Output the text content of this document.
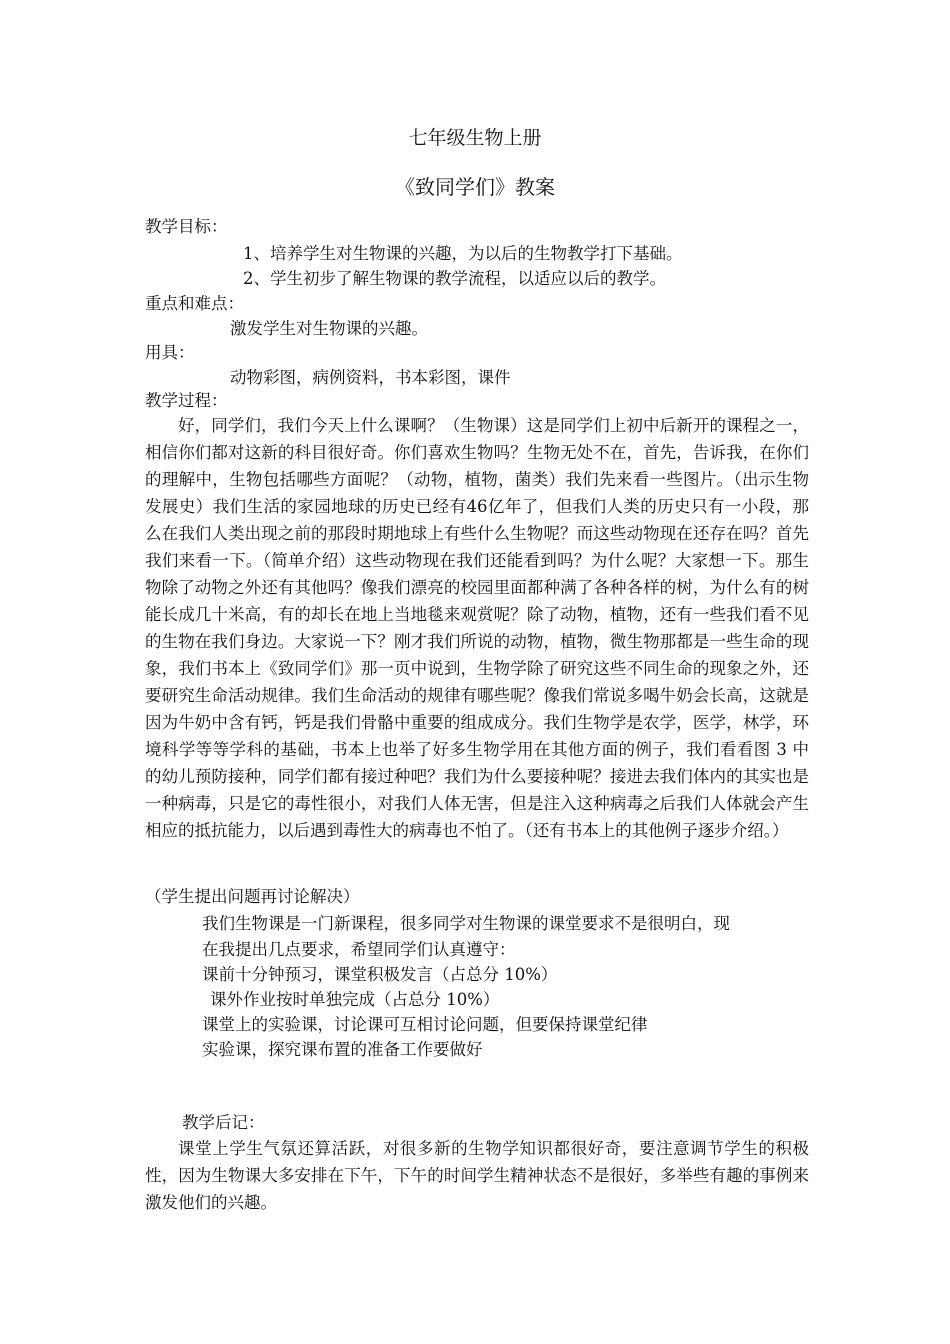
七年级生物上册
《致同学们》教案
教学目标：
1、培养学生对生物课的兴趣，为以后的生物教学打下基础。
2、学生初步了解生物课的教学流程，以适应以后的教学。
重点和难点：
激发学生对生物课的兴趣。
用具：
动物彩图，病例资料，书本彩图，课件
教学过程：
好，同学们，我们今天上什么课啊？（生物课）这是同学们上初中后新开的课程之一，相信你们都对这新的科目很好奇。你们喜欢生物吗？生物无处不在，首先，告诉我，在你们的理解中，生物包括哪些方面呢？（动物，植物，菌类）我们先来看一些图片。（出示生物发展史）我们生活的家园地球的历史已经有46亿年了，但我们人类的历史只有一小段，那么在我们人类出现之前的那段时期地球上有些什么生物呢？而这些动物现在还存在吗？首先我们来看一下。（简单介绍）这些动物现在我们还能看到吗？为什么呢？大家想一下。那生物除了动物之外还有其他吗？像我们漂亮的校园里面都种满了各种各样的树，为什么有的树能长成几十米高，有的却长在地上当地毯来观赏呢？除了动物，植物，还有一些我们看不见的生物在我们身边。大家说一下？刚才我们所说的动物，植物，微生物那都是一些生命的现象，我们书本上《致同学们》那一页中说到，生物学除了研究这些不同生命的现象之外，还要研究生命活动规律。我们生命活动的规律有哪些呢？像我们常说多喝牛奶会长高，这就是因为牛奶中含有钙，钙是我们骨骼中重要的组成成分。我们生物学是农学，医学，林学，环境科学等等学科的基础，书本上也举了好多生物学用在其他方面的例子，我们看看图 3 中的幼儿预防接种，同学们都有接过种吧？我们为什么要接种呢？接进去我们体内的其实也是一种病毒，只是它的毒性很小，对我们人体无害，但是注入这种病毒之后我们人体就会产生相应的抵抗能力，以后遇到毒性大的病毒也不怕了。（还有书本上的其他例子逐步介绍。）
（学生提出问题再讨论解决）
我们生物课是一门新课程，很多同学对生物课的课堂要求不是很明白，现
在我提出几点要求，希望同学们认真遵守：
课前十分钟预习，课堂积极发言（占总分 10%）
课外作业按时单独完成（占总分 10%）
课堂上的实验课，讨论课可互相讨论问题，但要保持课堂纪律
实验课，探究课布置的准备工作要做好
教学后记：
课堂上学生气氛还算活跃，对很多新的生物学知识都很好奇，要注意调节学生的积极性，因为生物课大多安排在下午，下午的时间学生精神状态不是很好，多举些有趣的事例来激发他们的兴趣。
